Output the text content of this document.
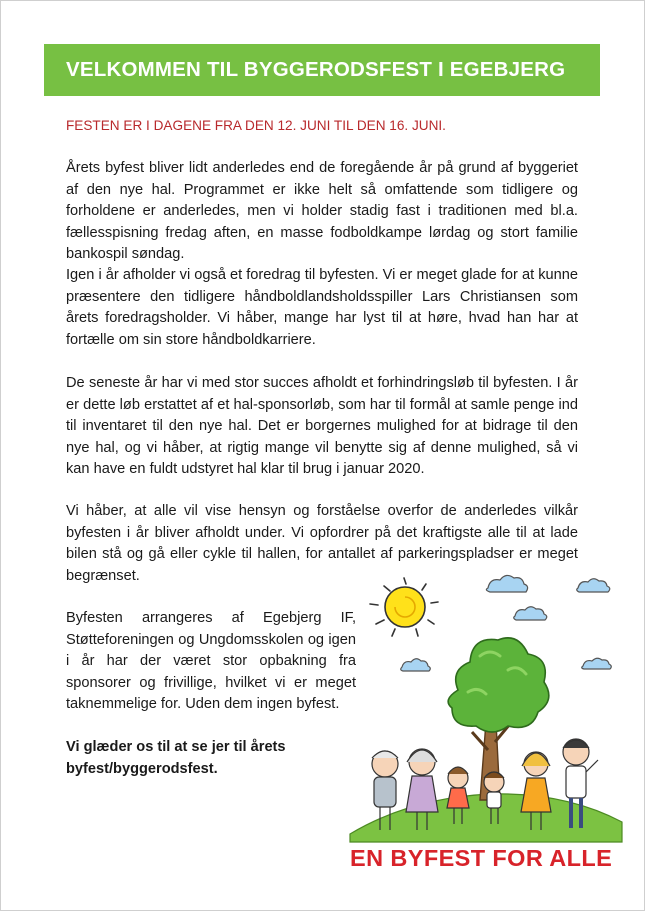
VELKOMMEN TIL BYGGERODSFEST I EGEBJERG
FESTEN ER I DAGENE FRA DEN 12. JUNI TIL DEN 16. JUNI.

Årets byfest bliver lidt anderledes end de foregående år på grund af byggeriet af den nye hal. Programmet er ikke helt så omfattende som tidligere og forholdene er anderledes, men vi holder stadig fast i traditionen med bl.a. fællesspisning fredag aften, en masse fodboldkampe lørdag og stort familie bankospil søndag.

Igen i år afholder vi også et foredrag til byfesten. Vi er meget glade for at kunne præsentere den tidligere håndboldlandsholdsspiller Lars Christiansen som årets foredragsholder. Vi håber, mange har lyst til at høre, hvad han har at fortælle om sin store håndboldkarriere.

De seneste år har vi med stor succes afholdt et forhindringsløb til byfesten. I år er dette løb erstattet af et hal-sponsorløb, som har til formål at samle penge ind til inventaret til den nye hal. Det er borgernes mulighed for at bidrage til den nye hal, og vi håber, at rigtig mange vil benytte sig af denne mulighed, så vi kan have en fuldt udstyret hal klar til brug i januar 2020.

Vi håber, at alle vil vise hensyn og forståelse overfor de anderledes vilkår byfesten i år bliver afholdt under. Vi opfordrer på det kraftigste alle til at lade bilen stå og gå eller cykle til hallen, for antallet af parkeringspladser er meget begrænset.

Byfesten arrangeres af Egebjerg IF, Støtteforeningen og Ungdomsskolen og igen i år har der været stor opbakning fra sponsorer og frivillige, hvilket vi er meget taknemmelige for. Uden dem ingen byfest.

Vi glæder os til at se jer til årets byfest/byggerodsfest.

EN BYFEST FOR ALLE
